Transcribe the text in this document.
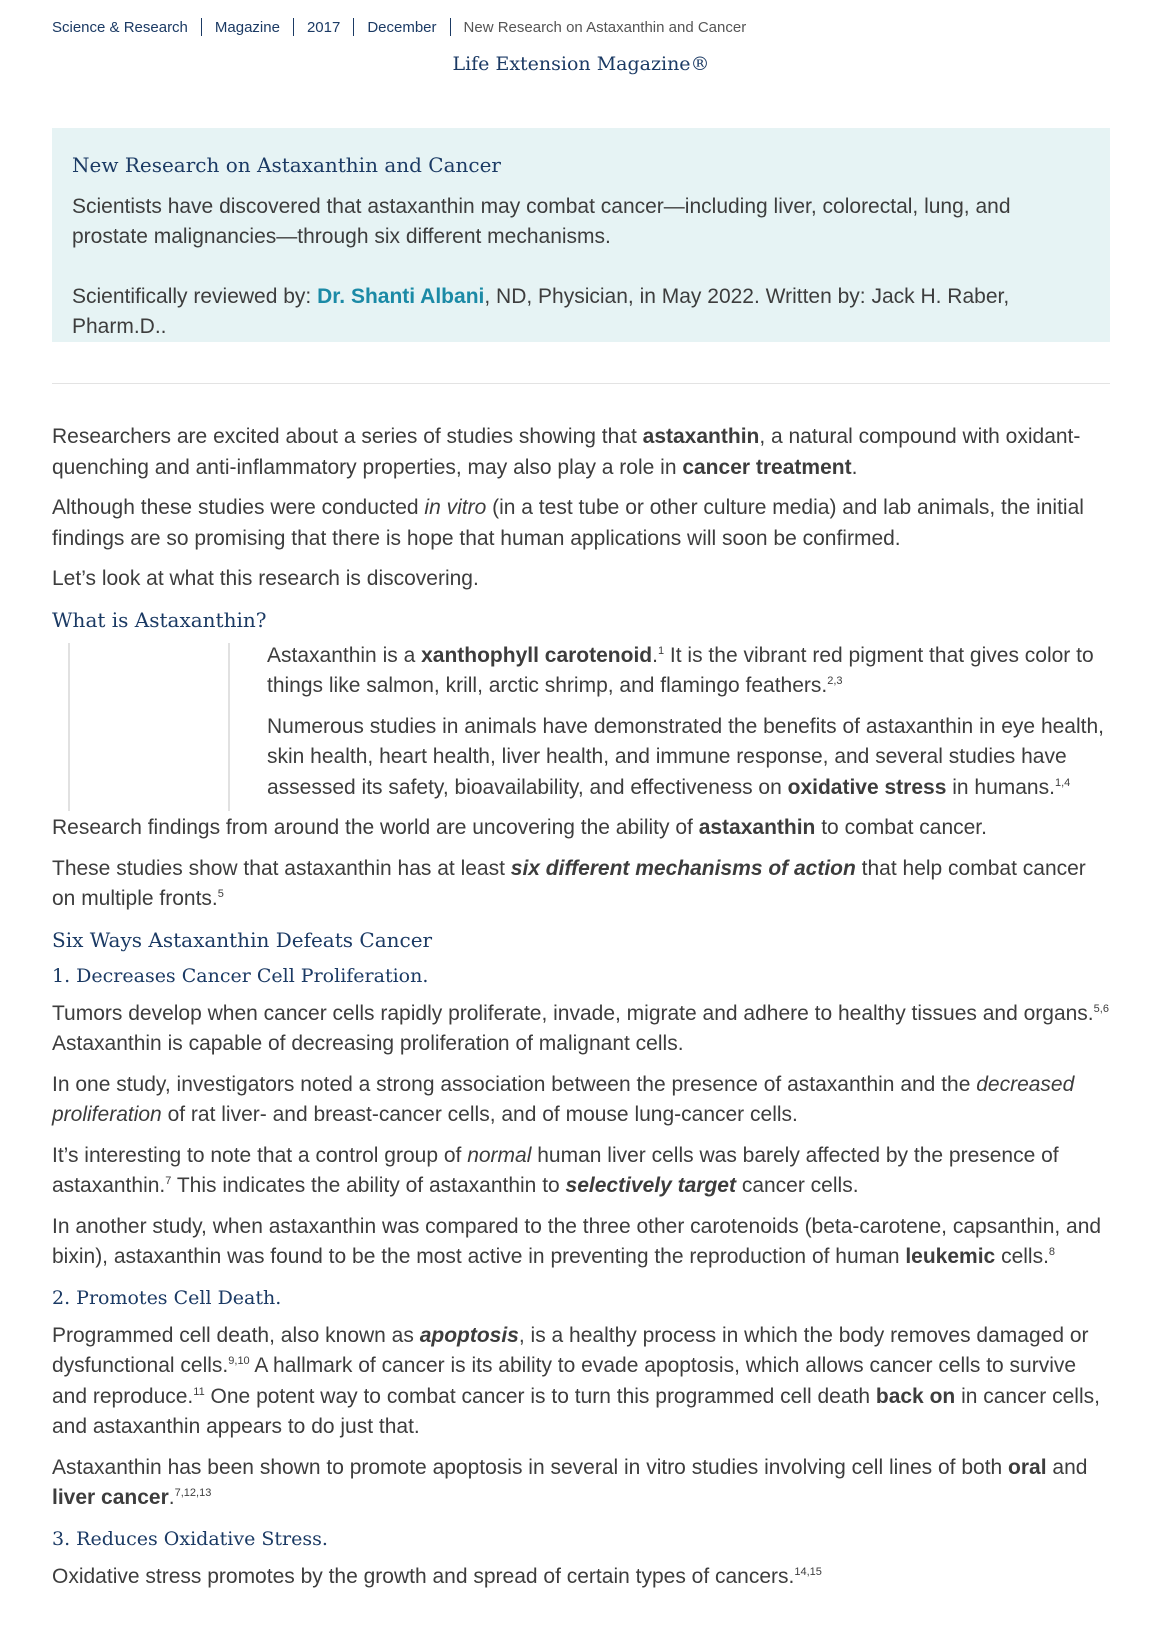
Science & Research Magazine 2017 December New Research on Astaxanthin and Cancer
Life Extension Magazine®
New Research on Astaxanthin and Cancer

Scientists have discovered that astaxanthin may combat cancer—including liver, colorectal, lung, and prostate malignancies—through six different mechanisms.

Scientifically reviewed by: Dr. Shanti Albani, ND, Physician, in May 2022. Written by: Jack H. Raber, Pharm.D..

Researchers are excited about a series of studies showing that astaxanthin, a natural compound with oxidant-quenching and anti-inflammatory properties, may also play a role in cancer treatment.

Although these studies were conducted in vitro (in a test tube or other culture media) and lab animals, the initial findings are so promising that there is hope that human applications will soon be confirmed.

Let’s look at what this research is discovering.

What is Astaxanthin?

Astaxanthin is a xanthophyll carotenoid.$^1$ It is the vibrant red pigment that gives color to things like salmon, krill, arctic shrimp, and flamingo feathers.$^{2,3}$

Numerous studies in animals have demonstrated the benefits of astaxanthin in eye health, skin health, heart health, liver health, and immune response, and several studies have assessed its safety, bioavailability, and effectiveness on oxidative stress in humans.$^{1,4}$

Research findings from around the world are uncovering the ability of astaxanthin to combat cancer.

These studies show that astaxanthin has at least six different mechanisms of action that help combat cancer on multiple fronts.$^5$

Six Ways Astaxanthin Defeats Cancer
1. Decreases Cancer Cell Proliferation.

Tumors develop when cancer cells rapidly proliferate, invade, migrate and adhere to healthy tissues and organs.$^{5,6}$ Astaxanthin is capable of decreasing proliferation of malignant cells.

In one study, investigators noted a strong association between the presence of astaxanthin and the decreased proliferation of rat liver- and breast-cancer cells, and of mouse lung-cancer cells.

It’s interesting to note that a control group of normal human liver cells was barely affected by the presence of astaxanthin.$^7$ This indicates the ability of astaxanthin to selectively target cancer cells.

In another study, when astaxanthin was compared to the three other carotenoids (beta-carotene, capsanthin, and bixin), astaxanthin was found to be the most active in preventing the reproduction of human leukemic cells.$^8$

2. Promotes Cell Death.

Programmed cell death, also known as apoptosis, is a healthy process in which the body removes damaged or dysfunctional cells.$^{9,10}$ A hallmark of cancer is its ability to evade apoptosis, which allows cancer cells to survive and reproduce.$^{11}$ One potent way to combat cancer is to turn this programmed cell death back on in cancer cells, and astaxanthin appears to do just that.

Astaxanthin has been shown to promote apoptosis in several in vitro studies involving cell lines of both oral and liver cancer.$^{7,12,13}$

3. Reduces Oxidative Stress.

Oxidative stress promotes by the growth and spread of certain types of cancers.$^{14,15}$
